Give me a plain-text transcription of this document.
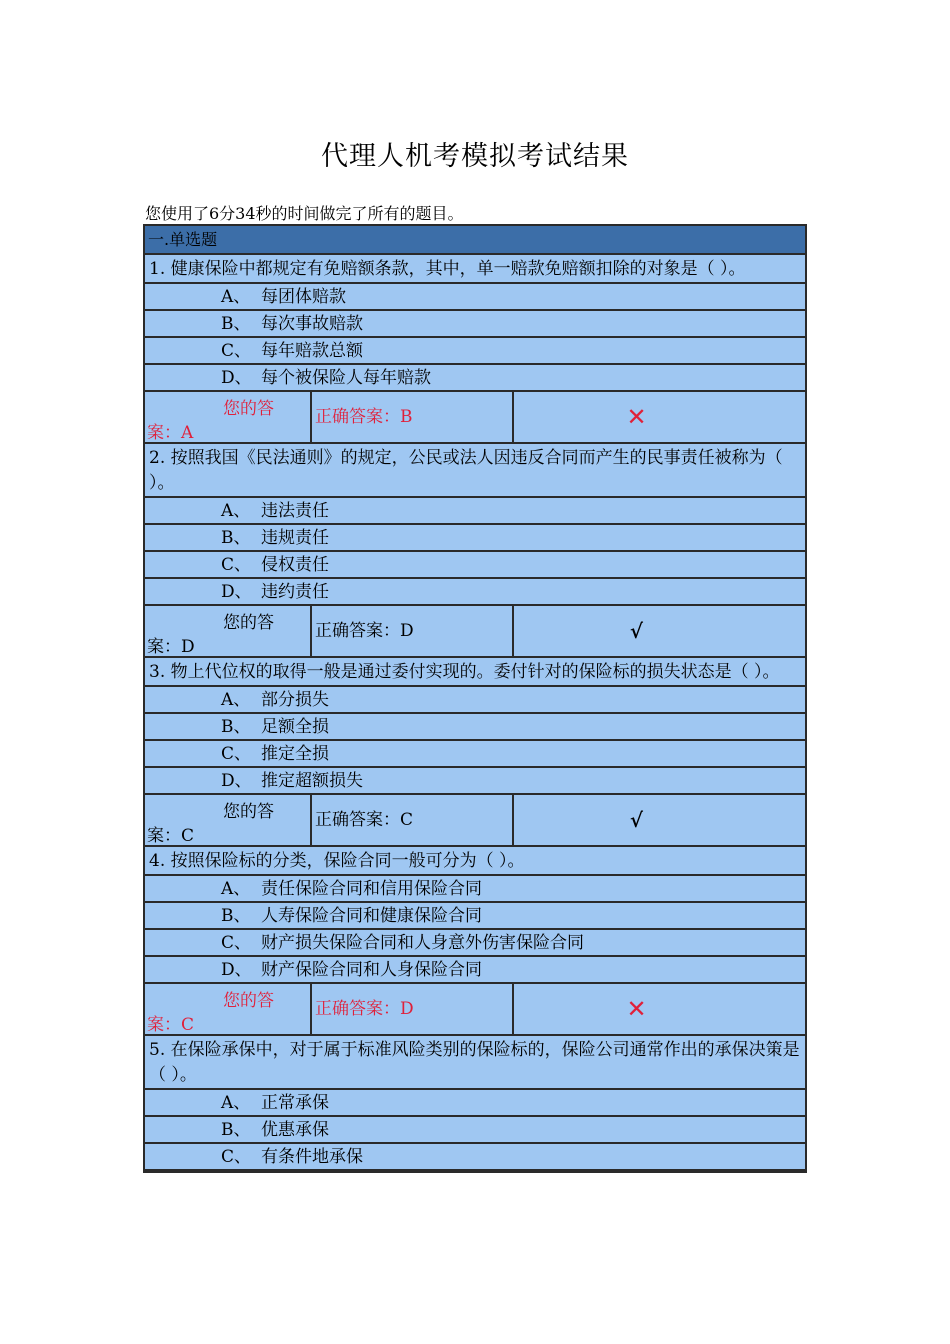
代理人机考模拟考试结果
您使用了6分34秒的时间做完了所有的题目。
一.单选题
1. 健康保险中都规定有免赔额条款，其中，单一赔款免赔额扣除的对象是（ ）。
A、 每团体赔款
B、 每次事故赔款
C、 每年赔款总额
D、 每个被保险人每年赔款
您的答
案：A
正确答案：B	✕
2. 按照我国《民法通则》的规定，公民或法人因违反合同而产生的民事责任被称为（ ）。
A、 违法责任
B、 违规责任
C、 侵权责任
D、 违约责任
您的答
案：D
正确答案：D	√
3. 物上代位权的取得一般是通过委付实现的。委付针对的保险标的损失状态是（ ）。
A、 部分损失
B、 足额全损
C、 推定全损
D、 推定超额损失
您的答
案：C
正确答案：C	√
4. 按照保险标的分类，保险合同一般可分为（ ）。
A、 责任保险合同和信用保险合同
B、 人寿保险合同和健康保险合同
C、 财产损失保险合同和人身意外伤害保险合同
D、 财产保险合同和人身保险合同
您的答
案：C
正确答案：D	✕
5. 在保险承保中，对于属于标准风险类别的保险标的，保险公司通常作出的承保决策是（ ）。
A、 正常承保
B、 优惠承保
C、 有条件地承保
